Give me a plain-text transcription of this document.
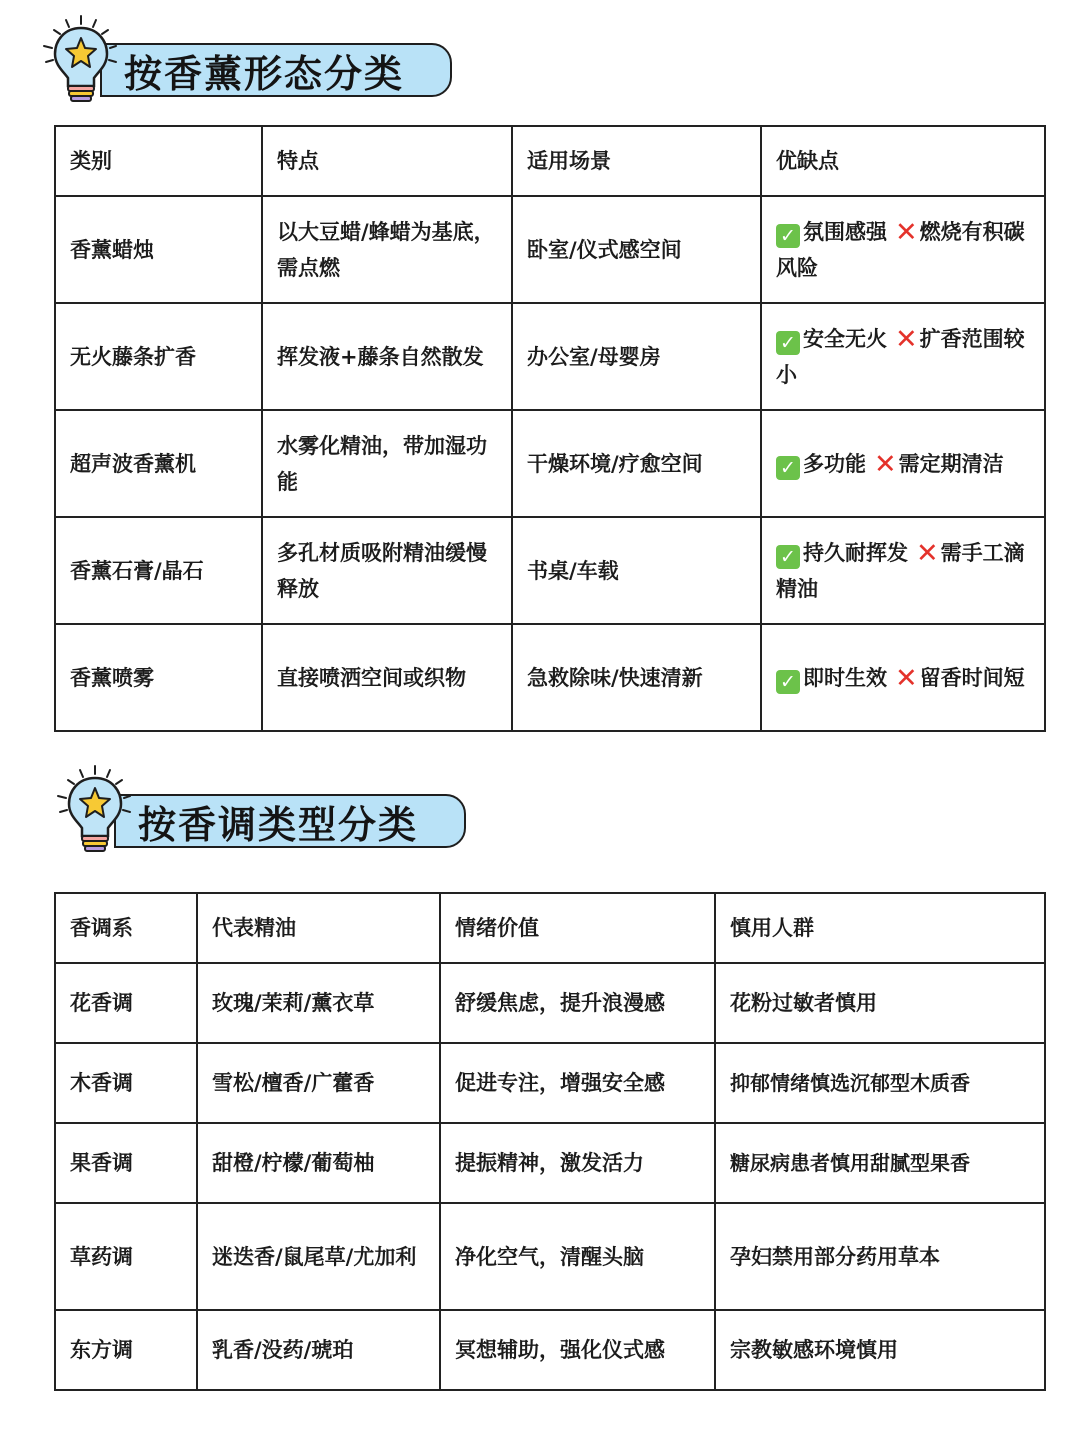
按香薰形态分类
类别	特点	适用场景	优缺点
香薰蜡烛	以大豆蜡/蜂蜡为基底，需点燃	卧室/仪式感空间	✓ 氛围感强 ✕燃烧有积碳风险
无火藤条扩香	挥发液+藤条自然散发	办公室/母婴房	✓ 安全无火 ✕扩香范围较小
超声波香薰机	水雾化精油，带加湿功能	干燥环境/疗愈空间	✓ 多功能 ✕需定期清洁
香薰石膏/晶石	多孔材质吸附精油缓慢释放	书桌/车载	✓ 持久耐挥发 ✕需手工滴精油
香薰喷雾	直接喷洒空间或织物	急救除味/快速清新	✓ 即时生效 ✕留香时间短
按香调类型分类
香调系	代表精油	情绪价值	慎用人群
花香调	玫瑰/茉莉/薰衣草	舒缓焦虑，提升浪漫感	花粉过敏者慎用
木香调	雪松/檀香/广藿香	促进专注，增强安全感	抑郁情绪慎选沉郁型木质香
果香调	甜橙/柠檬/葡萄柚	提振精神，激发活力	糖尿病患者慎用甜腻型果香
草药调	迷迭香/鼠尾草/尤加利	净化空气，清醒头脑	孕妇禁用部分药用草本
东方调	乳香/没药/琥珀	冥想辅助，强化仪式感	宗教敏感环境慎用
